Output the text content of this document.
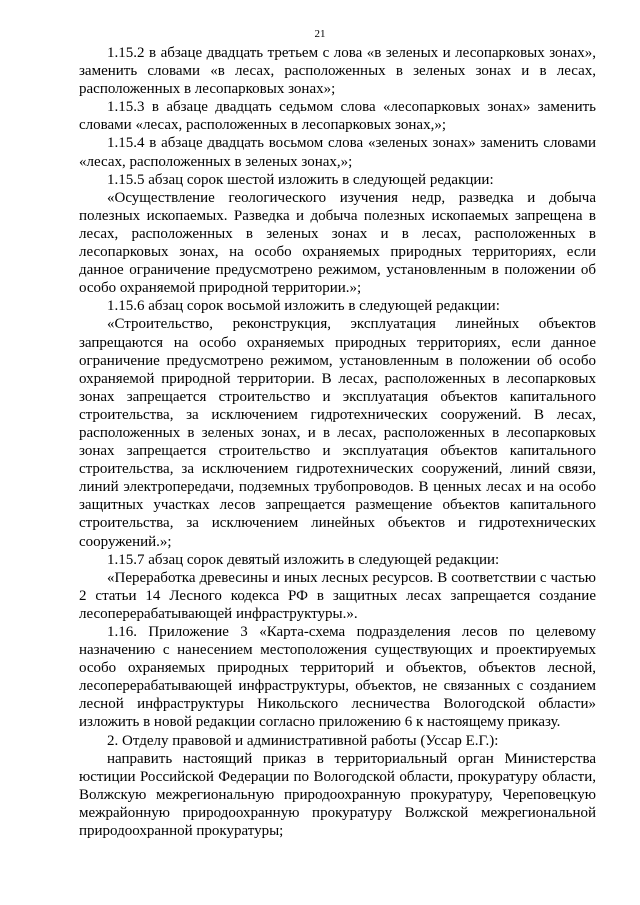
21

1.15.2 в абзаце двадцать третьем с лова «в зеленых и лесопарковых зонах», заменить словами «в лесах, расположенных в зеленых зонах и в лесах, расположенных в лесопарковых зонах»;

1.15.3 в абзаце двадцать седьмом слова «лесопарковых зонах» заменить словами «лесах, расположенных в лесопарковых зонах,»;

1.15.4 в абзаце двадцать восьмом слова «зеленых зонах» заменить словами «лесах, расположенных в зеленых зонах,»;

1.15.5 абзац сорок шестой изложить в следующей редакции:

«Осуществление геологического изучения недр, разведка и добыча полезных ископаемых. Разведка и добыча полезных ископаемых запрещена в лесах, расположенных в зеленых зонах и в лесах, расположенных в лесопарковых зонах, на особо охраняемых природных территориях, если данное ограничение предусмотрено режимом, установленным в положении об особо охраняемой природной территории.»;

1.15.6 абзац сорок восьмой изложить в следующей редакции:

«Строительство, реконструкция, эксплуатация линейных объектов запрещаются на особо охраняемых природных территориях, если данное ограничение предусмотрено режимом, установленным в положении об особо охраняемой природной территории. В лесах, расположенных в лесопарковых зонах запрещается строительство и эксплуатация объектов капитального строительства, за исключением гидротехнических сооружений. В лесах, расположенных в зеленых зонах, и в лесах, расположенных в лесопарковых зонах запрещается строительство и эксплуатация объектов капитального строительства, за исключением гидротехнических сооружений, линий связи, линий электропередачи, подземных трубопроводов. В ценных лесах и на особо защитных участках лесов запрещается размещение объектов капитального строительства, за исключением линейных объектов и гидротехнических сооружений.»;

1.15.7 абзац сорок девятый изложить в следующей редакции:

«Переработка древесины и иных лесных ресурсов. В соответствии с частью 2 статьи 14 Лесного кодекса РФ в защитных лесах запрещается создание лесоперерабатывающей инфраструктуры.».

1.16. Приложение 3 «Карта-схема подразделения лесов по целевому назначению с нанесением местоположения существующих и проектируемых особо охраняемых природных территорий и объектов, объектов лесной, лесоперерабатывающей инфраструктуры, объектов, не связанных с созданием лесной инфраструктуры Никольского лесничества Вологодской области» изложить в новой редакции согласно приложению 6 к настоящему приказу.

2. Отделу правовой и административной работы (Уссар Е.Г.):

направить настоящий приказ в территориальный орган Министерства юстиции Российской Федерации по Вологодской области, прокуратуру области, Волжскую межрегиональную природоохранную прокуратуру, Череповецкую межрайонную природоохранную прокуратуру Волжской межрегиональной природоохранной прокуратуры;
